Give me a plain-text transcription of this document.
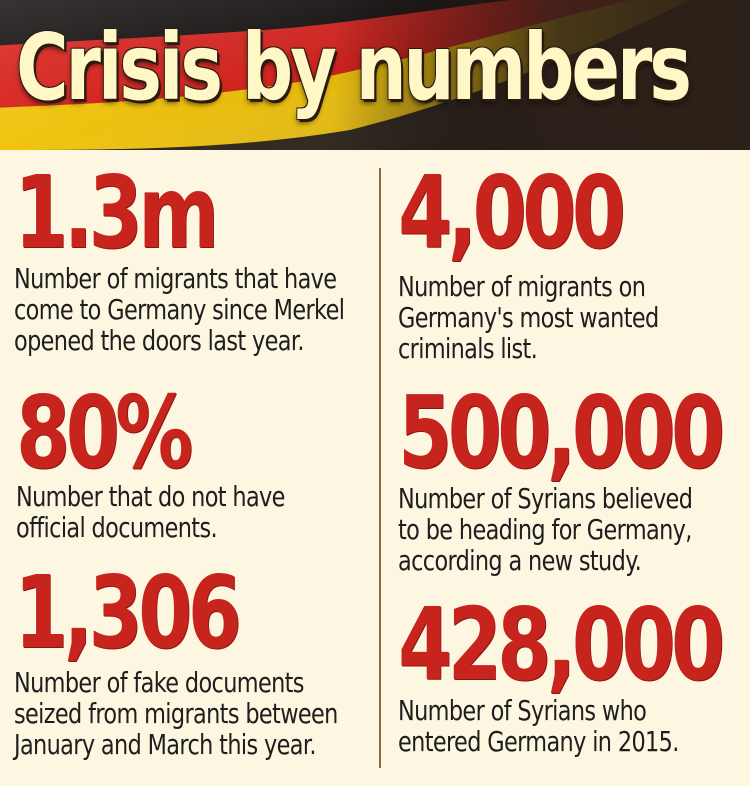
Crisis by numbers
1.3m
Number of migrants that have
come to Germany since Merkel
opened the doors last year.
80%
Number that do not have
official documents.
1,306
Number of fake documents
seized from migrants between
January and March this year.
4,000
Number of migrants on
Germany's most wanted
criminals list.
500,000
Number of Syrians believed
to be heading for Germany,
according a new study.
428,000
Number of Syrians who
entered Germany in 2015.
